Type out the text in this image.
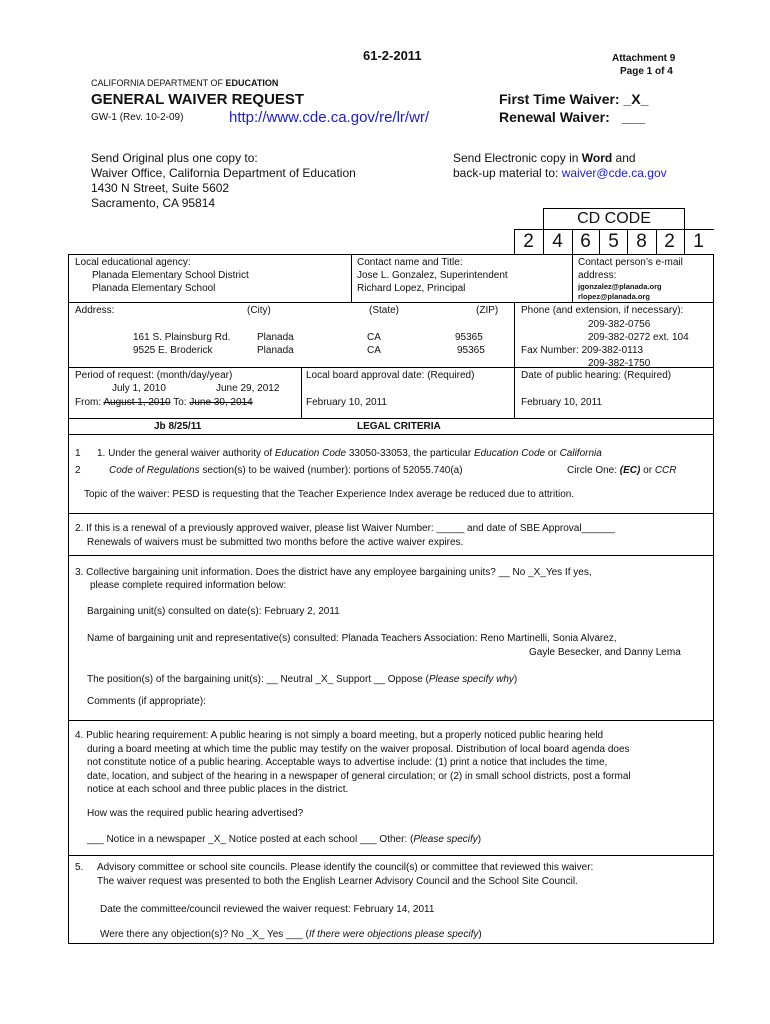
61-2-2011	Attachment 9
Page 1 of 4
CALIFORNIA DEPARTMENT OF EDUCATION
GENERAL WAIVER REQUEST
GW-1 (Rev. 10-2-09)	http://www.cde.ca.gov/re/lr/wr/
First Time Waiver: _X_
Renewal Waiver: ___
Send Original plus one copy to:
Waiver Office, California Department of Education
1430 N Street, Suite 5602
Sacramento, CA 95814
Send Electronic copy in Word and
back-up material to: waiver@cde.ca.gov
CD CODE
2 4 6 5 8 2 1
Local educational agency:
Planada Elementary School District
Planada Elementary School
Contact name and Title:
Jose L. Gonzalez, Superintendent
Richard Lopez, Principal
Contact person’s e-mail
address:
jgonzalez@planada.org
rlopez@planada.org
Address:	(City)	(State)	(ZIP)
161 S. Plainsburg Rd.	Planada	CA	95365
9525 E. Broderick	Planada	CA	95365
Phone (and extension, if necessary):
209-382-0756
209-382-0272 ext. 104
Fax Number: 209-382-0113
209-382-1750
Period of request: (month/day/year)
July 1, 2010	June 29, 2012
From: August 1, 2010 To: June 30, 2014
Local board approval date: (Required)
February 10, 2011
Date of public hearing: (Required)
February 10, 2011
Jb 8/25/11	LEGAL CRITERIA
1
2
1. Under the general waiver authority of Education Code 33050-33053, the particular Education Code or California
Code of Regulations section(s) to be waived (number): portions of 52055.740(a)	Circle One: (EC) or CCR
Topic of the waiver: PESD is requesting that the Teacher Experience Index average be reduced due to attrition.
2. If this is a renewal of a previously approved waiver, please list Waiver Number: _____ and date of SBE Approval______
Renewals of waivers must be submitted two months before the active waiver expires.
3. Collective bargaining unit information. Does the district have any employee bargaining units? __ No _X_Yes If yes,
please complete required information below:
Bargaining unit(s) consulted on date(s): February 2, 2011
Name of bargaining unit and representative(s) consulted: Planada Teachers Association: Reno Martinelli, Sonia Alvarez,
Gayle Besecker, and Danny Lema
The position(s) of the bargaining unit(s): __ Neutral _X_ Support __ Oppose (Please specify why)
Comments (if appropriate):
4. Public hearing requirement: A public hearing is not simply a board meeting, but a properly noticed public hearing held
during a board meeting at which time the public may testify on the waiver proposal. Distribution of local board agenda does
not constitute notice of a public hearing. Acceptable ways to advertise include: (1) print a notice that includes the time,
date, location, and subject of the hearing in a newspaper of general circulation; or (2) in small school districts, post a formal
notice at each school and three public places in the district.
How was the required public hearing advertised?
___ Notice in a newspaper _X_ Notice posted at each school ___ Other: (Please specify)
5. Advisory committee or school site councils. Please identify the council(s) or committee that reviewed this waiver:
The waiver request was presented to both the English Learner Advisory Council and the School Site Council.
Date the committee/council reviewed the waiver request: February 14, 2011
Were there any objection(s)? No _X_ Yes ___ (If there were objections please specify)
